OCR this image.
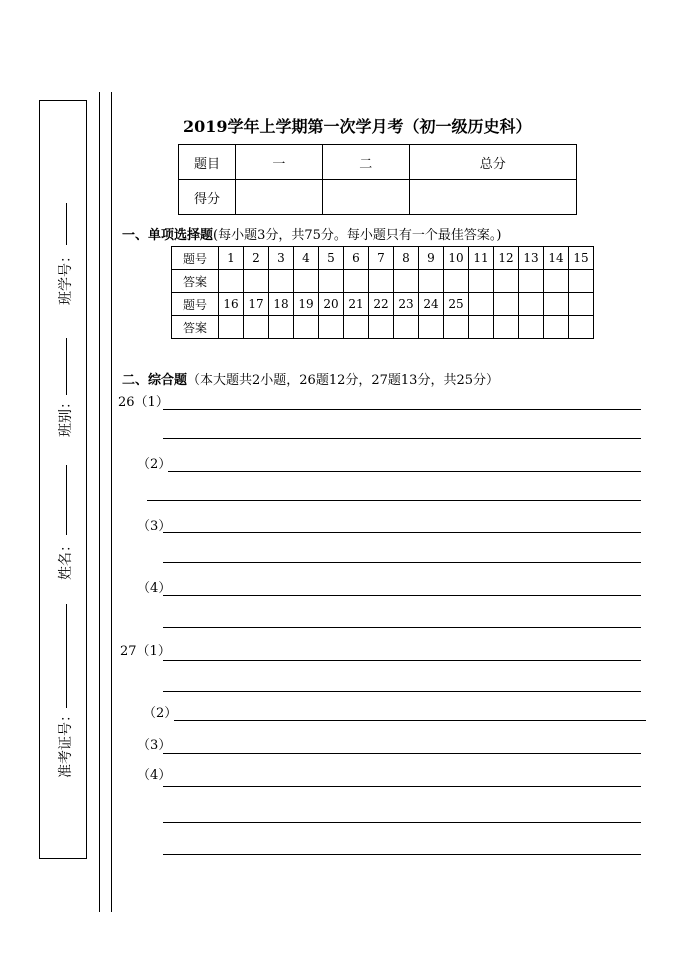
班学号：
班别：
姓名：
准考证号：
2019学年上学期第一次学月考（初一级历史科）
题目	一	二	总分
得分			
一、单项选择题(每小题3分，共75分。每小题只有一个最佳答案。)
题号	1	2	3	4	5	6	7	8	9	10	11	12	13	14	15
答案															
题号	16	17	18	19	20	21	22	23	24	25					
答案															
二、综合题（本大题共2小题，26题12分，27题13分，共25分）
26（1）
（2）
（3）
（4）
27（1）
（2）
（3）
（4）
